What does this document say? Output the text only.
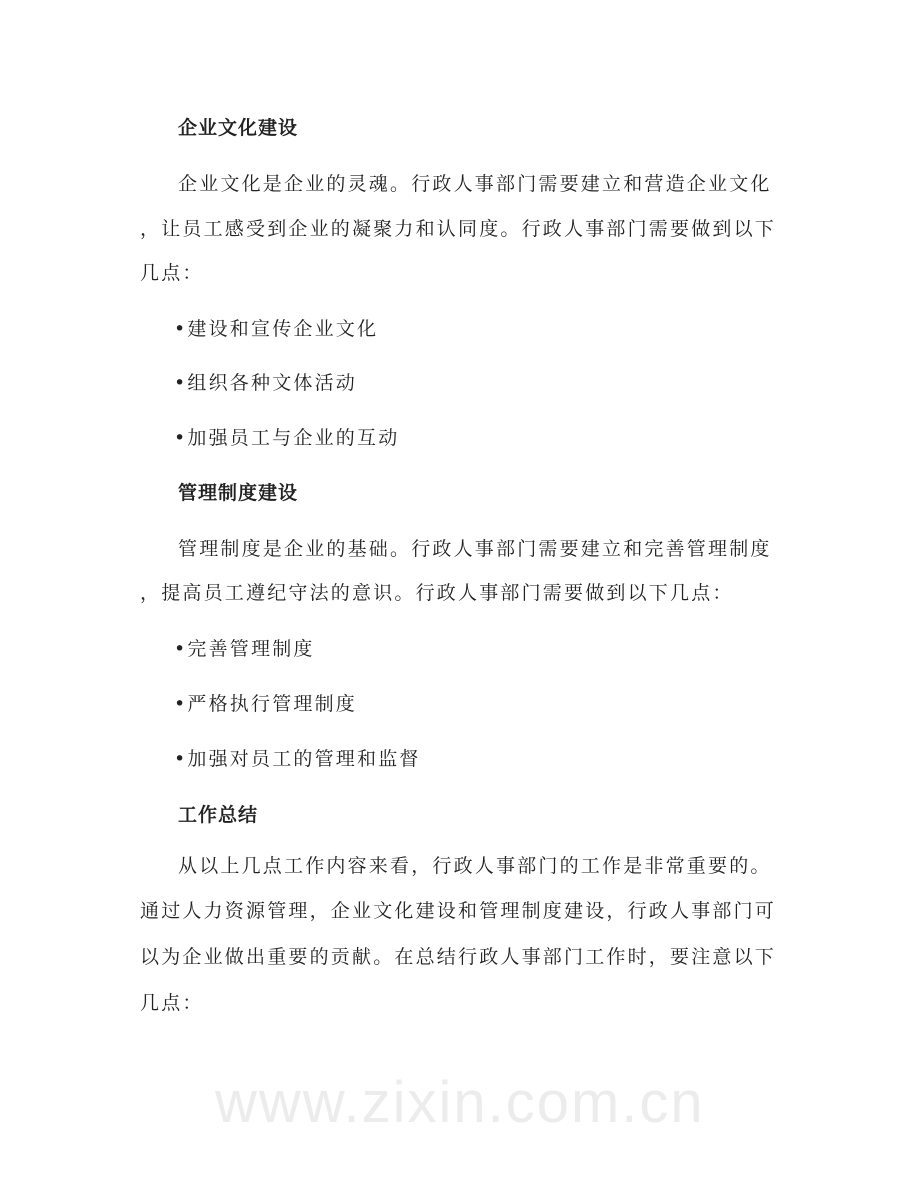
www.zixin.com.cn
企业文化建设
企业文化是企业的灵魂。行政人事部门需要建立和营造企业文化
，让员工感受到企业的凝聚力和认同度。行政人事部门需要做到以下
几点：
•建设和宣传企业文化
•组织各种文体活动
•加强员工与企业的互动
管理制度建设
管理制度是企业的基础。行政人事部门需要建立和完善管理制度
，提高员工遵纪守法的意识。行政人事部门需要做到以下几点：
•完善管理制度
•严格执行管理制度
•加强对员工的管理和监督
工作总结
从以上几点工作内容来看，行政人事部门的工作是非常重要的。
通过人力资源管理，企业文化建设和管理制度建设，行政人事部门可
以为企业做出重要的贡献。在总结行政人事部门工作时，要注意以下
几点：
